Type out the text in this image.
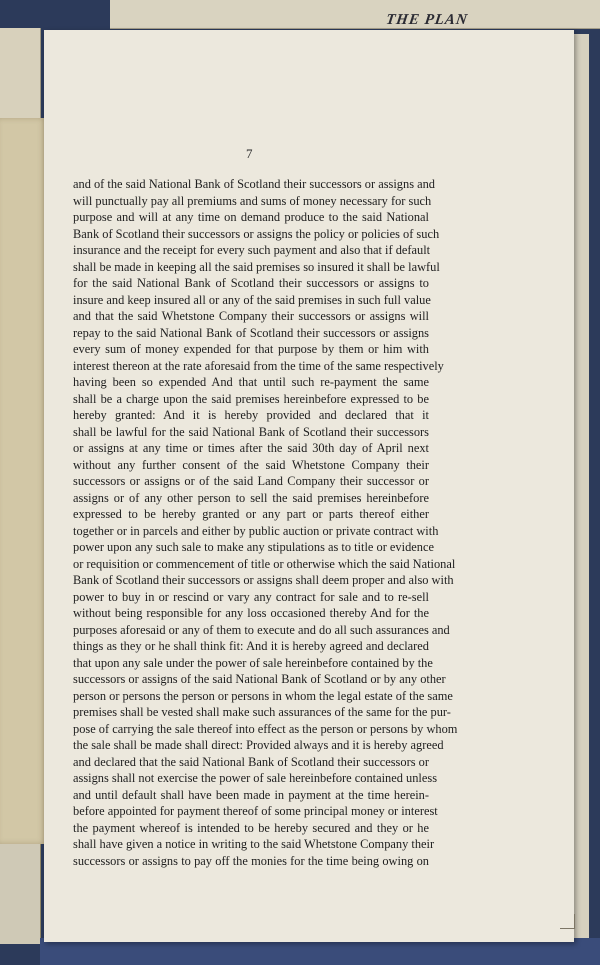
THE PLAN
7
and of the said National Bank of Scotland their successors or assigns and
will punctually pay all premiums and sums of money necessary for such
purpose and will at any time on demand produce to the said National
Bank of Scotland their successors or assigns the policy or policies of such
insurance and the receipt for every such payment and also that if default
shall be made in keeping all the said premises so insured it shall be lawful
for the said National Bank of Scotland their successors or assigns to
insure and keep insured all or any of the said premises in such full value
and that the said Whetstone Company their successors or assigns will
repay to the said National Bank of Scotland their successors or assigns
every sum of money expended for that purpose by them or him with
interest thereon at the rate aforesaid from the time of the same respectively
having been so expended And that until such re-payment the same
shall be a charge upon the said premises hereinbefore expressed to be
hereby granted: And it is hereby provided and declared that it
shall be lawful for the said National Bank of Scotland their successors
or assigns at any time or times after the said 30th day of April next
without any further consent of the said Whetstone Company their
successors or assigns or of the said Land Company their successor or
assigns or of any other person to sell the said premises hereinbefore
expressed to be hereby granted or any part or parts thereof either
together or in parcels and either by public auction or private contract with
power upon any such sale to make any stipulations as to title or evidence
or requisition or commencement of title or otherwise which the said National
Bank of Scotland their successors or assigns shall deem proper and also with
power to buy in or rescind or vary any contract for sale and to re-sell
without being responsible for any loss occasioned thereby And for the
purposes aforesaid or any of them to execute and do all such assurances and
things as they or he shall think fit: And it is hereby agreed and declared
that upon any sale under the power of sale hereinbefore contained by the
successors or assigns of the said National Bank of Scotland or by any other
person or persons the person or persons in whom the legal estate of the same
premises shall be vested shall make such assurances of the same for the pur-
pose of carrying the sale thereof into effect as the person or persons by whom
the sale shall be made shall direct: Provided always and it is hereby agreed
and declared that the said National Bank of Scotland their successors or
assigns shall not exercise the power of sale hereinbefore contained unless
and until default shall have been made in payment at the time herein-
before appointed for payment thereof of some principal money or interest
the payment whereof is intended to be hereby secured and they or he
shall have given a notice in writing to the said Whetstone Company their
successors or assigns to pay off the monies for the time being owing on
